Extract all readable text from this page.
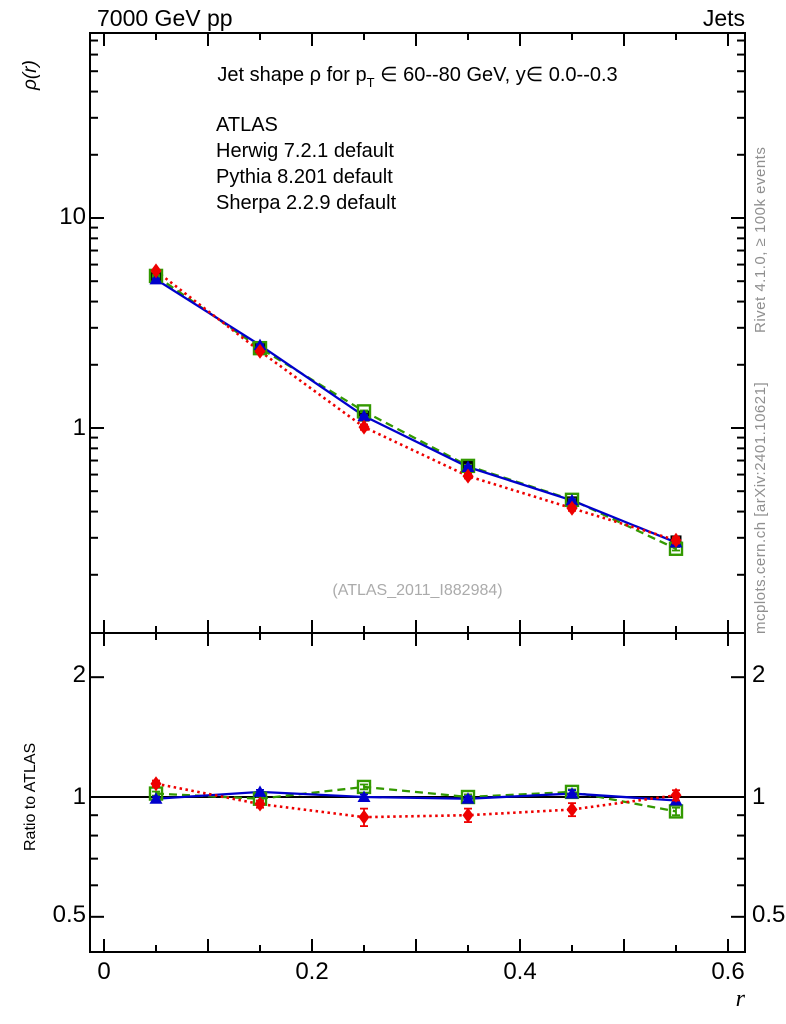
7000 GeV pp	Jets
Jet shape ρ for $p_T$ ∈ 60--80 GeV, y∈ 0.0--0.3
ATLAS
Herwig 7.2.1 default
Pythia 8.201 default
Sherpa 2.2.9 default
ρ(r)
Ratio to ATLAS
r
10
1
2
1
0.5
2
1
0.5
0	0.2	0.4	0.6
Rivet 4.1.0, ≥ 100k events
mcplots.cern.ch [arXiv:2401.10621]
(ATLAS_2011_I882984)
